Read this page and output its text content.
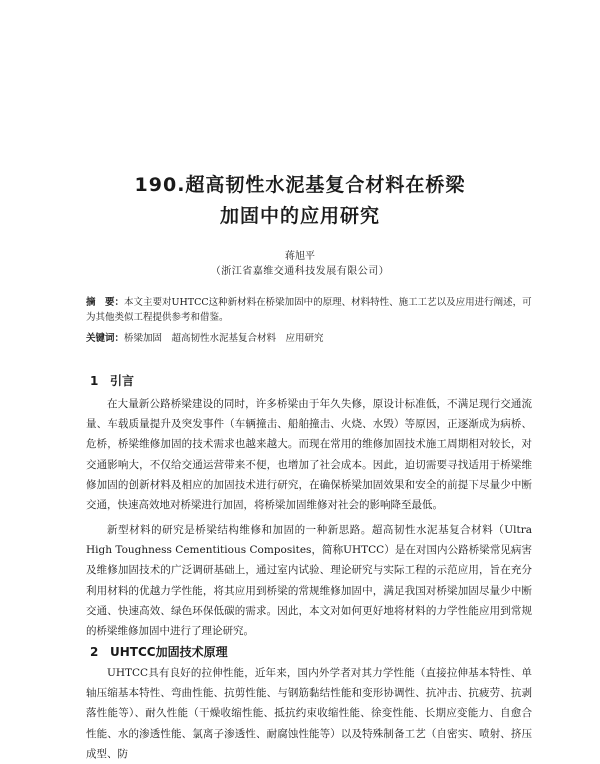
190.超高韧性水泥基复合材料在桥梁
加固中的应用研究

蒋旭平

（浙江省嘉维交通科技发展有限公司）

摘　要：本文主要对UHTCC这种新材料在桥梁加固中的原理、材料特性、施工工艺以及应用进行阐述，可为其他类似工程提供参考和借鉴。

关键词：桥梁加固　超高韧性水泥基复合材料　应用研究

1 引言

在大量新公路桥梁建设的同时，许多桥梁由于年久失修，原设计标准低，不满足现行交通流量、车载质量提升及突发事件（车辆撞击、船舶撞击、火烧、水毁）等原因，正逐渐成为病桥、危桥，桥梁维修加固的技术需求也越来越大。而现在常用的维修加固技术施工周期相对较长，对交通影响大，不仅给交通运营带来不便，也增加了社会成本。因此，迫切需要寻找适用于桥梁维修加固的创新材料及相应的加固技术进行研究，在确保桥梁加固效果和安全的前提下尽量少中断交通，快速高效地对桥梁进行加固，将桥梁加固维修对社会的影响降至最低。

新型材料的研究是桥梁结构维修和加固的一种新思路。超高韧性水泥基复合材料（Ultra High Toughness Cementitious Composites，简称UHTCC）是在对国内公路桥梁常见病害及维修加固技术的广泛调研基础上，通过室内试验、理论研究与实际工程的示范应用，旨在充分利用材料的优越力学性能，将其应用到桥梁的常规维修加固中，满足我国对桥梁加固尽量少中断交通、快速高效、绿色环保低碳的需求。因此，本文对如何更好地将材料的力学性能应用到常规的桥梁维修加固中进行了理论研究。

2 UHTCC加固技术原理

UHTCC具有良好的拉伸性能，近年来，国内外学者对其力学性能（直接拉伸基本特性、单轴压缩基本特性、弯曲性能、抗剪性能、与钢筋黏结性能和变形协调性、抗冲击、抗疲劳、抗剥落性能等）、耐久性能（干燥收缩性能、抵抗约束收缩性能、徐变性能、长期应变能力、自愈合性能、水的渗透性能、氯离子渗透性、耐腐蚀性能等）以及特殊制备工艺（自密实、喷射、挤压成型、防
